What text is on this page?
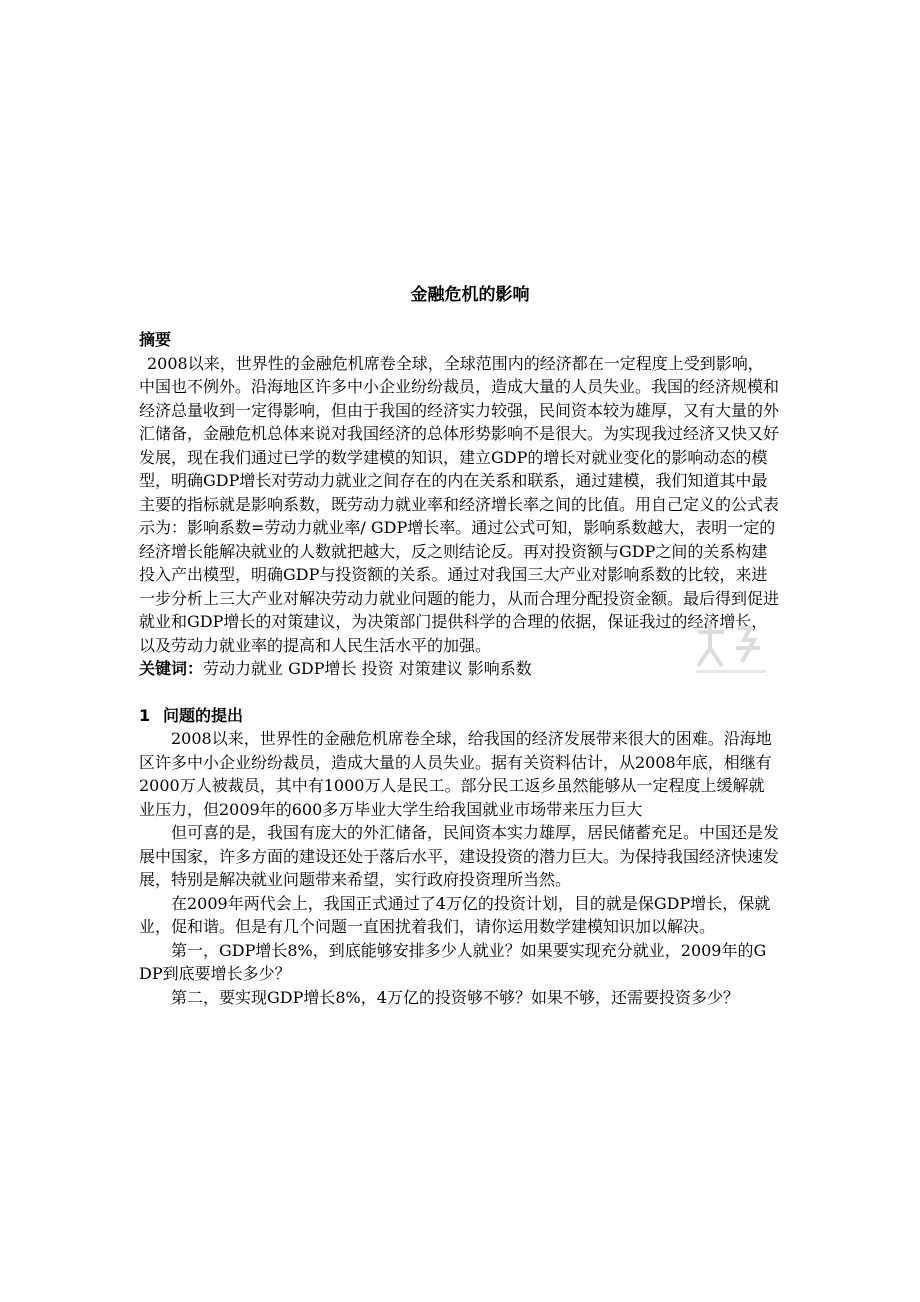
金融危机的影响

摘要

2008以来，世界性的金融危机席卷全球，全球范围内的经济都在一定程度上受到影响，中国也不例外。沿海地区许多中小企业纷纷裁员，造成大量的人员失业。我国的经济规模和经济总量收到一定得影响，但由于我国的经济实力较强，民间资本较为雄厚，又有大量的外汇储备，金融危机总体来说对我国经济的总体形势影响不是很大。为实现我过经济又快又好发展，现在我们通过已学的数学建模的知识，建立GDP的增长对就业变化的影响动态的模型，明确GDP增长对劳动力就业之间存在的内在关系和联系，通过建模，我们知道其中最主要的指标就是影响系数，既劳动力就业率和经济增长率之间的比值。用自己定义的公式表示为：影响系数=劳动力就业率/ GDP增长率。通过公式可知，影响系数越大，表明一定的经济增长能解决就业的人数就把越大，反之则结论反。再对投资额与GDP之间的关系构建投入产出模型，明确GDP与投资额的关系。通过对我国三大产业对影响系数的比较，来进一步分析上三大产业对解决劳动力就业问题的能力，从而合理分配投资金额。最后得到促进就业和GDP增长的对策建议，为决策部门提供科学的合理的依据，保证我过的经济增长，以及劳动力就业率的提高和人民生活水平的加强。

关键词：劳动力就业 GDP增长 投资 对策建议 影响系数

1 问题的提出

2008以来，世界性的金融危机席卷全球，给我国的经济发展带来很大的困难。沿海地区许多中小企业纷纷裁员，造成大量的人员失业。据有关资料估计，从2008年底，相继有2000万人被裁员，其中有1000万人是民工。部分民工返乡虽然能够从一定程度上缓解就业压力，但2009年的600多万毕业大学生给我国就业市场带来压力巨大

但可喜的是，我国有庞大的外汇储备，民间资本实力雄厚，居民储蓄充足。中国还是发展中国家，许多方面的建设还处于落后水平，建设投资的潜力巨大。为保持我国经济快速发展，特别是解决就业问题带来希望，实行政府投资理所当然。

在2009年两代会上，我国正式通过了4万亿的投资计划，目的就是保GDP增长，保就业，促和谐。但是有几个问题一直困扰着我们，请你运用数学建模知识加以解决。

第一，GDP增长8%，到底能够安排多少人就业？如果要实现充分就业，2009年的GDP到底要增长多少？

第二，要实现GDP增长8%，4万亿的投资够不够？如果不够，还需要投资多少？
